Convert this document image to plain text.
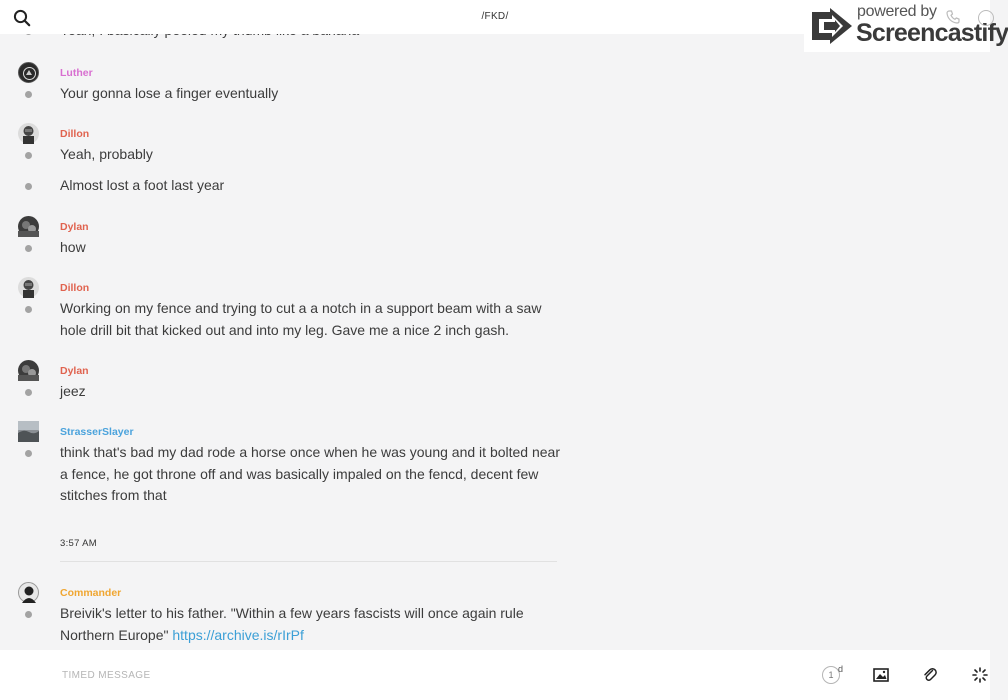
/FKD/	powered by
Screencastify
Luther
Your gonna lose a finger eventually
Dillon
Yeah, probably
Almost lost a foot last year
Dylan
how
Dillon
Working on my fence and trying to cut a a notch in a support beam with a saw hole drill bit that kicked out and into my leg. Gave me a nice 2 inch gash.
Dylan
jeez
StrasserSlayer
think that's bad my dad rode a horse once when he was young and it bolted near a fence, he got throne off and was basically impaled on the fencd, decent few stitches from that
3:57 AM
Commander
Breivik's letter to his father. "Within a few years fascists will once again rule Northern Europe" https://archive.is/rIrPf
TIMED MESSAGE
1
d
